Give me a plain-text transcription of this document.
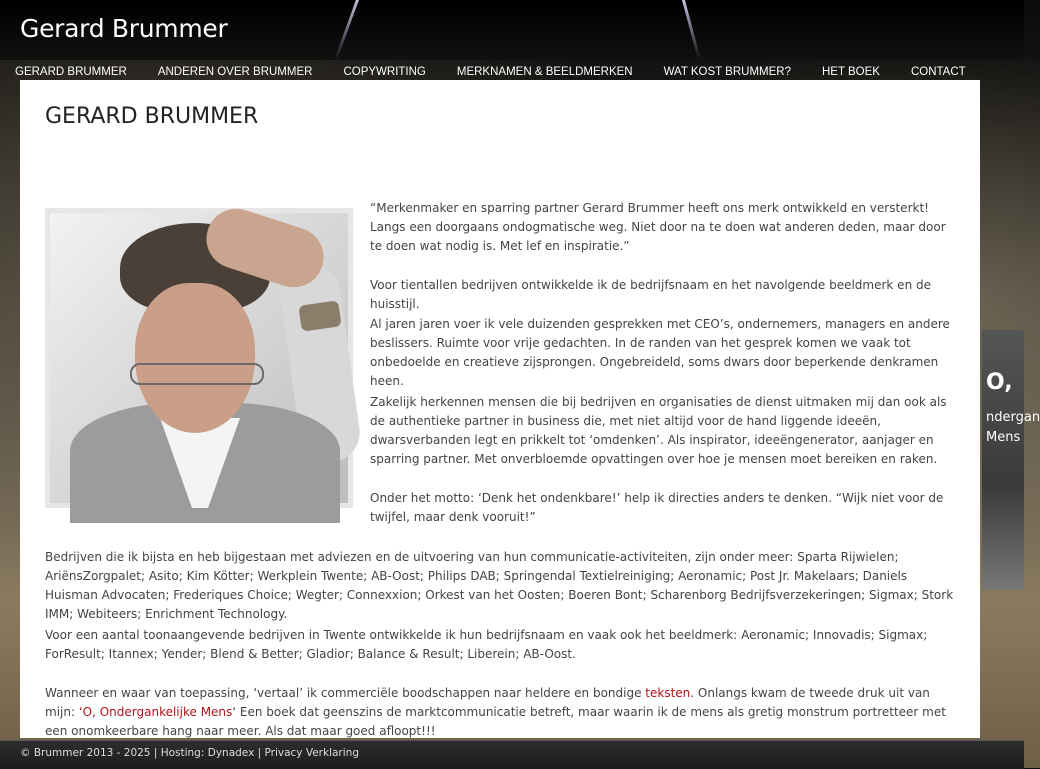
Gerard Brummer
GERARD BRUMMER	ANDEREN OVER BRUMMER	COPYWRITING	MERKNAMEN & BEELDMERKEN	WAT KOST BRUMMER?	HET BOEK	CONTACT
O,
ndergan
Mens
GERARD BRUMMER

“Merkenmaker en sparring partner Gerard Brummer heeft ons merk ontwikkeld en versterkt! Langs een doorgaans ondogmatische weg. Niet door na te doen wat anderen deden, maar door te doen wat nodig is. Met lef en inspiratie.”

Voor tientallen bedrijven ontwikkelde ik de bedrijfsnaam en het navolgende beeldmerk en de huisstijl.

Al jaren jaren voer ik vele duizenden gesprekken met CEO’s, ondernemers, managers en andere beslissers. Ruimte voor vrije gedachten. In de randen van het gesprek komen we vaak tot onbedoelde en creatieve zijsprongen. Ongebreideld, soms dwars door beperkende denkramen heen.

Zakelijk herkennen mensen die bij bedrijven en organisaties de dienst uitmaken mij dan ook als de authentieke partner in business die, met niet altijd voor de hand liggende ideeën, dwarsverbanden legt en prikkelt tot ‘omdenken’. Als inspirator, ideeëngenerator, aanjager en sparring partner. Met onverbloemde opvattingen over hoe je mensen moet bereiken en raken.

Onder het motto: ‘Denk het ondenkbare!’ help ik directies anders te denken. “Wijk niet voor de twijfel, maar denk vooruit!”

Bedrijven die ik bijsta en heb bijgestaan met adviezen en de uitvoering van hun communicatie-activiteiten, zijn onder meer: Sparta Rijwielen; AriënsZorgpalet; Asito; Kim Kötter; Werkplein Twente; AB-Oost; Philips DAB; Springendal Textielreiniging; Aeronamic; Post Jr. Makelaars; Daniels Huisman Advocaten; Frederiques Choice; Wegter; Connexxion; Orkest van het Oosten; Boeren Bont; Scharenborg Bedrijfsverzekeringen; Sigmax; Stork IMM; Webiteers; Enrichment Technology.

Voor een aantal toonaangevende bedrijven in Twente ontwikkelde ik hun bedrijfsnaam en vaak ook het beeldmerk: Aeronamic; Innovadis; Sigmax; ForResult; Itannex; Yender; Blend & Better; Gladior; Balance & Result; Liberein; AB-Oost.

Wanneer en waar van toepassing, ‘vertaal’ ik commerciële boodschappen naar heldere en bondige teksten. Onlangs kwam de tweede druk uit van mijn: ‘O, Ondergankelijke Mens‘ Een boek dat geenszins de marktcommunicatie betreft, maar waarin ik de mens als gretig monstrum portretteer met een onomkeerbare hang naar meer. Als dat maar goed afloopt!!!

© Brummer 2013 - 2025 | Hosting: Dynadex | Privacy Verklaring
